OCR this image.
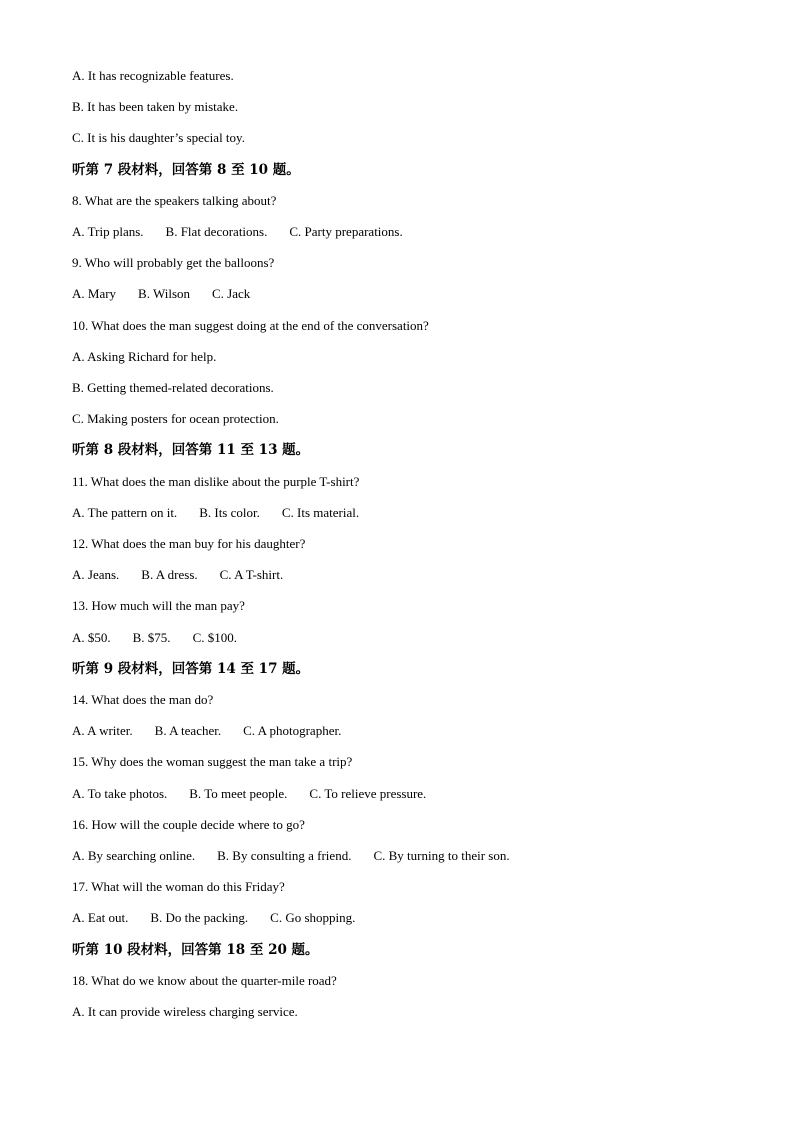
A. It has recognizable features.
B. It has been taken by mistake.
C. It is his daughter’s special toy.
听第 7 段材料，回答第 8 至 10 题。
8. What are the speakers talking about?
A. Trip plans. B. Flat decorations. C. Party preparations.
9. Who will probably get the balloons?
A. Mary B. Wilson C. Jack
10. What does the man suggest doing at the end of the conversation?
A. Asking Richard for help.
B. Getting themed-related decorations.
C. Making posters for ocean protection.
听第 8 段材料，回答第 11 至 13 题。
11. What does the man dislike about the purple T-shirt?
A. The pattern on it. B. Its color. C. Its material.
12. What does the man buy for his daughter?
A. Jeans. B. A dress. C. A T-shirt.
13. How much will the man pay?
A. $50. B. $75. C. $100.
听第 9 段材料，回答第 14 至 17 题。
14. What does the man do?
A. A writer. B. A teacher. C. A photographer.
15. Why does the woman suggest the man take a trip?
A. To take photos. B. To meet people. C. To relieve pressure.
16. How will the couple decide where to go?
A. By searching online. B. By consulting a friend. C. By turning to their son.
17. What will the woman do this Friday?
A. Eat out. B. Do the packing. C. Go shopping.
听第 10 段材料，回答第 18 至 20 题。
18. What do we know about the quarter-mile road?
A. It can provide wireless charging service.
